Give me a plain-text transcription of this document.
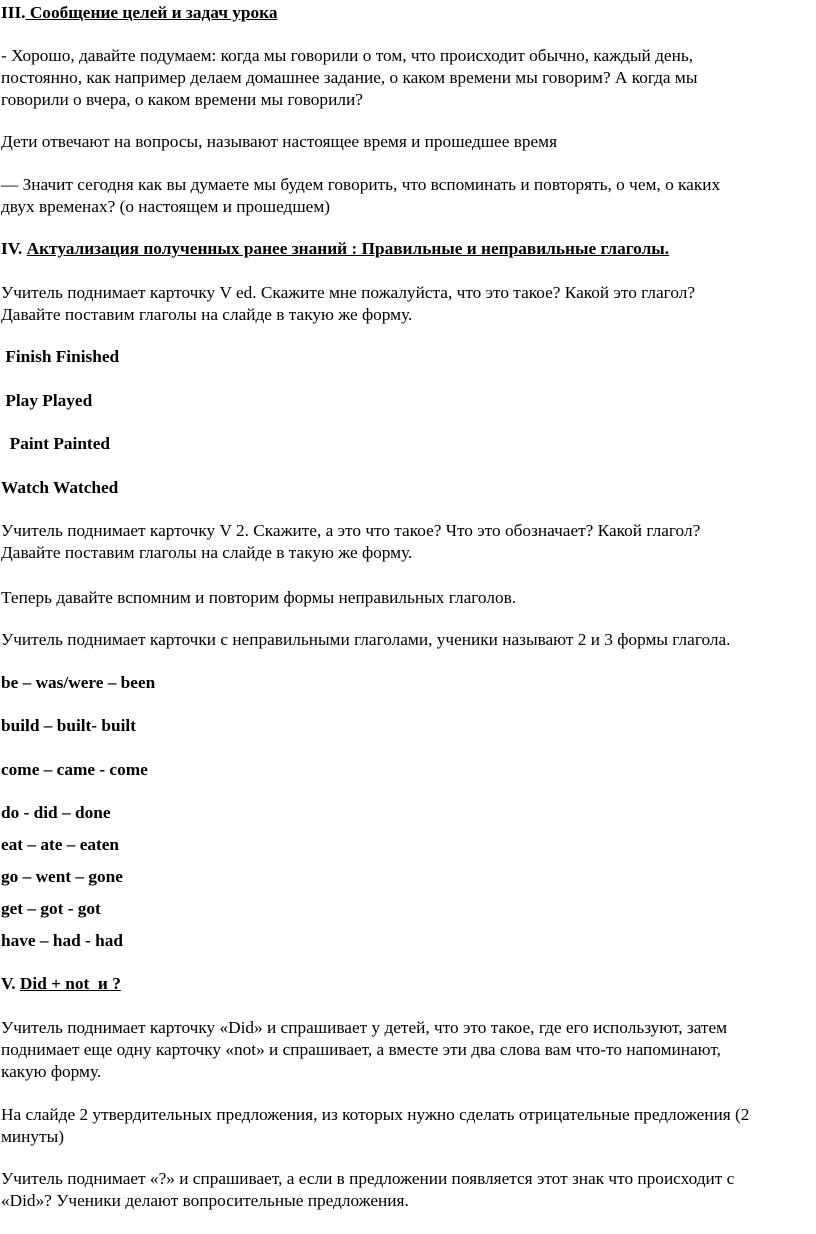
III. Сообщение целей и задач урока
- Хорошо, давайте подумаем: когда мы говорили о том, что происходит обычно, каждый день,
постоянно, как например делаем домашнее задание, о каком времени мы говорим? А когда мы
говорили о вчера, о каком времени мы говорили?
Дети отвечают на вопросы, называют настоящее время и прошедшее время
— Значит сегодня как вы думаете мы будем говорить, что вспоминать и повторять, о чем, о каких
двух временах? (о настоящем и прошедшем)
IV. Актуализация полученных ранее знаний : Правильные и неправильные глаголы.
Учитель поднимает карточку V ed. Скажите мне пожалуйста, что это такое? Какой это глагол?
Давайте поставим глаголы на слайде в такую же форму.
Finish Finished
Play Played
Paint Painted
Watch Watched
Учитель поднимает карточку V 2. Скажите, а это что такое? Что это обозначает? Какой глагол?
Давайте поставим глаголы на слайде в такую же форму.
Теперь давайте вспомним и повторим формы неправильных глаголов.
Учитель поднимает карточки с неправильными глаголами, ученики называют 2 и 3 формы глагола.
be – was/were – been
build – built- built
come – came - come
do - did – done
eat – ate – eaten
go – went – gone
get – got - got
have – had - had
V. Did + not  и ?
Учитель поднимает карточку «Did» и спрашивает у детей, что это такое, где его используют, затем
поднимает еще одну карточку «not» и спрашивает, а вместе эти два слова вам что-то напоминают,
какую форму.
На слайде 2 утвердительных предложения, из которых нужно сделать отрицательные предложения (2
минуты)
Учитель поднимает «?» и спрашивает, а если в предложении появляется этот знак что происходит с
«Did»? Ученики делают вопросительные предложения.
